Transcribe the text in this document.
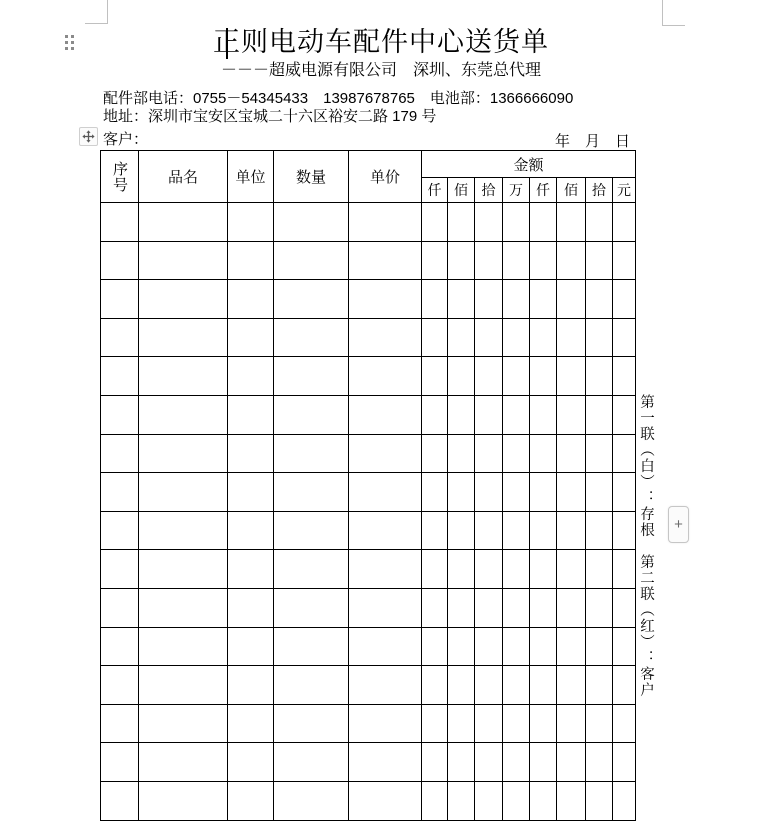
正则电动车配件中心送货单
－－－超威电源有限公司　深圳、东莞总代理
配件部电话：0755－54345433　13987678765　电池部：1366666090
地址：深圳市宝安区宝城二十六区裕安二路 179 号
客户：	年　月　日
序号	品名	单位	数量	单价	金额							
					仟	佰	拾	万	仟	佰	拾	元

第一联（白）：存根　第二联（红）：客户	+
